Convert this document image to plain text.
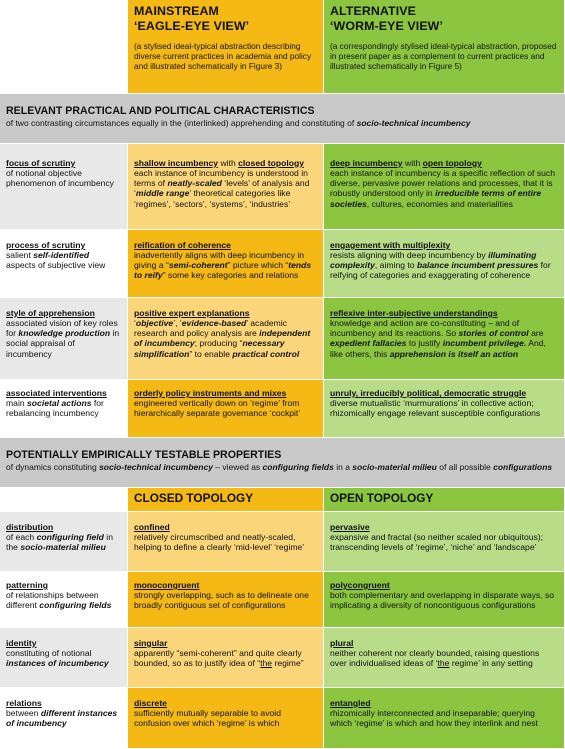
MAINSTREAM
‘EAGLE-EYE VIEW’
(a stylised ideal-typical abstraction describing diverse current practices in academia and policy and illustrated schematically in Figure 3)
ALTERNATIVE
‘WORM-EYE VIEW’
(a correspondingly stylised ideal-typical abstraction, proposed in present paper as a complement to current practices and illustrated schematically in Figure 5)
RELEVANT PRACTICAL AND POLITICAL CHARACTERISTICS
of two contrasting circumstances equally in the (interlinked) apprehending and constituting of socio-technical incumbency
focus of scrutiny
of notional objective phenomenon of incumbency
shallow incumbency with closed topology
each instance of incumbency is understood in terms of neatly-scaled ‘levels’ of analysis and ‘middle range’ theoretical categories like ‘regimes’, ‘sectors’, ‘systems’, ‘industries’
deep incumbency with open topology
each instance of incumbency is a specific reflection of such diverse, pervasive power relations and processes, that it is robustly understood only in irreducible terms of entire societies, cultures, economies and materialities
process of scrutiny
salient self-identified aspects of subjective view
reification of coherence
inadvertently aligns with deep incumbency in giving a “semi-coherent” picture which “tends to reify” some key categories and relations
engagement with multiplexity
resists aligning with deep incumbency by illuminating complexity, aiming to balance incumbent pressures for reifying of categories and exaggerating of coherence
style of apprehension
associated vision of key roles for knowledge production in social appraisal of incumbency
positive expert explanations
‘objective’, ‘evidence-based’ academic research and policy analysis are independent of incumbency; producing “necessary simplification” to enable practical control
reflexive inter-subjective understandings
knowledge and action are co-constituting – and of incumbency and its reactions. So stories of control are expedient fallacies to justify incumbent privilege. And, like others, this apprehension is itself an action
associated interventions
main societal actions for rebalancing incumbency
orderly policy instruments and mixes
engineered vertically down on ‘regime’ from hierarchically separate governance ‘cockpit’
unruly, irreducibly political, democratic struggle
diverse mutualistic ‘murmurations’ in collective action; rhizomically engage relevant susceptible configurations
POTENTIALLY EMPIRICALLY TESTABLE PROPERTIES
of dynamics constituting socio-technical incumbency – viewed as configuring fields in a socio-material milieu of all possible configurations
CLOSED TOPOLOGY	OPEN TOPOLOGY
distribution
of each configuring field in the socio-material milieu
confined
relatively circumscribed and neatly-scaled, helping to define a clearly ‘mid-level’ ‘regime’
pervasive
expansive and fractal (so neither scaled nor ubiquitous); transcending levels of ‘regime’, ‘niche’ and ‘landscape’
patterning
of relationships between different configuring fields
monocongruent
strongly overlapping, such as to delineate one broadly contiguous set of configurations
polycongruent
both complementary and overlapping in disparate ways, so implicating a diversity of noncontiguous configurations
identity
constituting of notional instances of incumbency
singular
apparently “semi-coherent” and quite clearly bounded, so as to justify idea of “the regime”
plural
neither coherent nor clearly bounded, raising questions over individualised ideas of ‘the regime’ in any setting
relations
between different instances of incumbency
discrete
sufficiently mutually separable to avoid confusion over which ‘regime’ is which
entangled
rhizomically interconnected and inseparable; querying which ‘regime’ is which and how they interlink and nest
